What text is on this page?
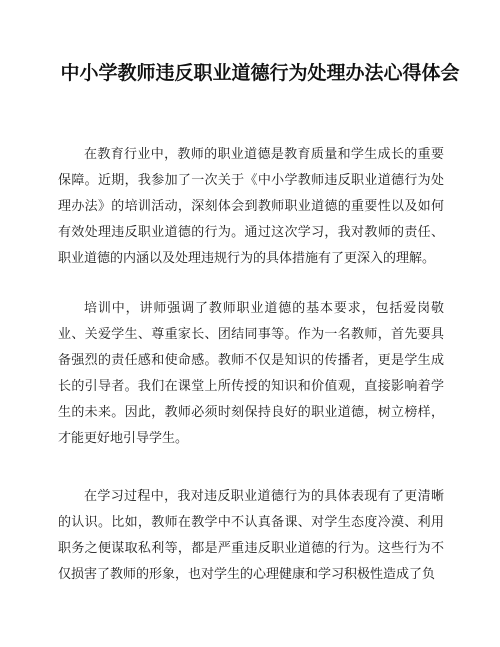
中小学教师违反职业道德行为处理办法心得体会

在教育行业中，教师的职业道德是教育质量和学生成长的重要保障。近期，我参加了一次关于《中小学教师违反职业道德行为处理办法》的培训活动，深刻体会到教师职业道德的重要性以及如何有效处理违反职业道德的行为。通过这次学习，我对教师的责任、职业道德的内涵以及处理违规行为的具体措施有了更深入的理解。

培训中，讲师强调了教师职业道德的基本要求，包括爱岗敬业、关爱学生、尊重家长、团结同事等。作为一名教师，首先要具备强烈的责任感和使命感。教师不仅是知识的传播者，更是学生成长的引导者。我们在课堂上所传授的知识和价值观，直接影响着学生的未来。因此，教师必须时刻保持良好的职业道德，树立榜样，才能更好地引导学生。

在学习过程中，我对违反职业道德行为的具体表现有了更清晰的认识。比如，教师在教学中不认真备课、对学生态度冷漠、利用职务之便谋取私利等，都是严重违反职业道德的行为。这些行为不仅损害了教师的形象，也对学生的心理健康和学习积极性造成了负
